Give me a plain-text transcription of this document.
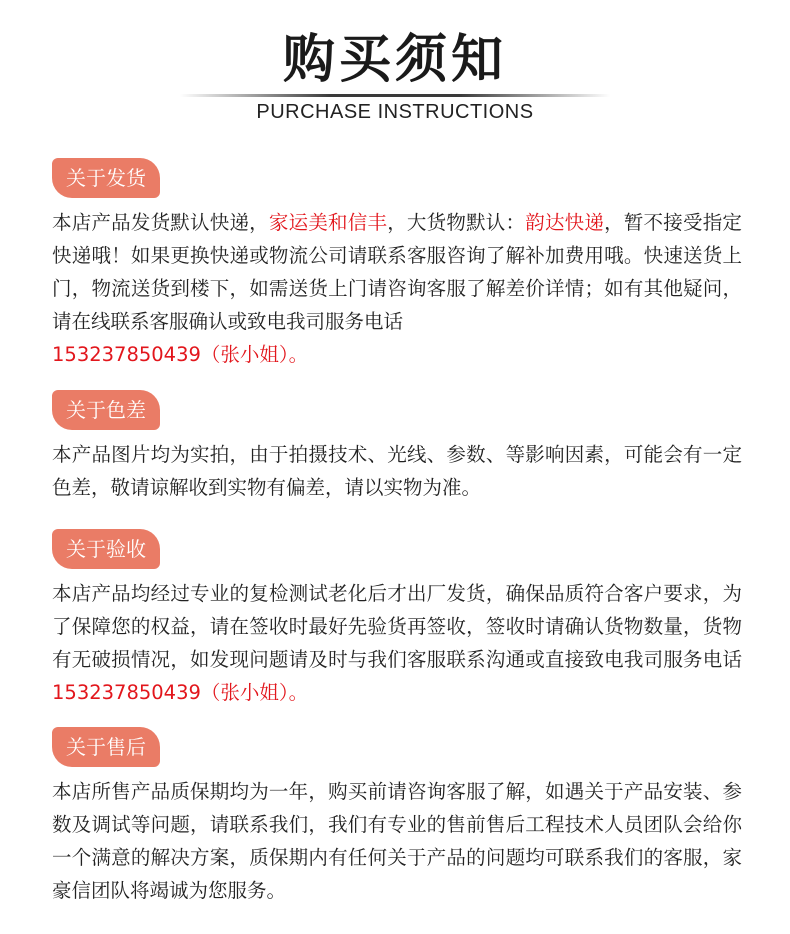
购买须知
PURCHASE INSTRUCTIONS
关于发货
本店产品发货默认快递，家运美和信丰，大货物默认：韵达快递，暂不接受指定快递哦！如果更换快递或物流公司请联系客服咨询了解补加费用哦。快速送货上门，物流送货到楼下，如需送货上门请咨询客服了解差价详情；如有其他疑问，请在线联系客服确认或致电我司服务电话
15323785043​9（张小姐）。
关于色差
本产品图片均为实拍，由于拍摄技术、光线、参数、等影响因素，可能会有一定色差，敬请谅解收到实物有偏差，请以实物为准。
关于验收
本店产品均经过专业的复检测试老化后才出厂发货，确保品质符合客户要求，为了保障您的权益，请在签收时最好先验货再签收，签收时请确认货物数量，货物有无破损情况，如发现问题请及时与我们客服联系沟通或直接致电我司服务电话 15323785043​9（张小姐）。
关于售后
本店所售产品质保期均为一年，购买前请咨询客服了解，如遇关于产品安装、参数及调试等问题，请联系我们，我们有专业的售前售后工程技术人员团队会给你一个满意的解决方案，质保期内有任何关于产品的问题均可联系我们的客服，家豪信团队将竭诚为您服务。
